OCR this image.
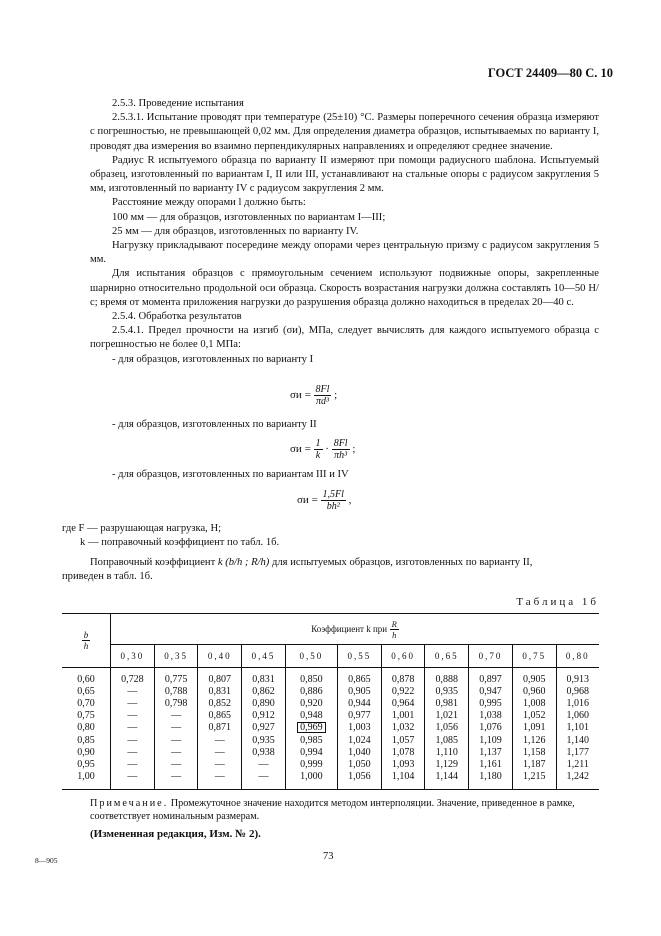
ГОСТ 24409—80 С. 10

2.5.3. Проведение испытания

2.5.3.1. Испытание проводят при температуре (25±10) °С. Размеры поперечного сечения образца измеряют с погрешностью, не превышающей 0,02 мм. Для определения диаметра образцов, испытываемых по варианту I, проводят два измерения во взаимно перпендикулярных направлениях и определяют среднее значение.

Радиус R испытуемого образца по варианту II измеряют при помощи радиусного шаблона. Испытуемый образец, изготовленный по вариантам I, II или III, устанавливают на стальные опоры с радиусом закругления 5 мм, изготовленный по варианту IV с радиусом закругления 2 мм.

Расстояние между опорами l должно быть:

100 мм — для образцов, изготовленных по вариантам I—III;

25 мм — для образцов, изготовленных по варианту IV.

Нагрузку прикладывают посередине между опорами через центральную призму с радиусом закругления 5 мм.

Для испытания образцов с прямоугольным сечением используют подвижные опоры, закрепленные шарнирно относительно продольной оси образца. Скорость возрастания нагрузки должна составлять 10—50 Н/с; время от момента приложения нагрузки до разрушения образца должно находиться в пределах 20—40 с.

2.5.4. Обработка результатов

2.5.4.1. Предел прочности на изгиб (σи), МПа, следует вычислять для каждого испытуемого образца с погрешностью не более 0,1 МПа:

- для образцов, изготовленных по варианту I

$\sigma и = \frac{8Fl}{\text{πd³}}$ ;

- для образцов, изготовленных по варианту II

$\sigma и = \frac{1}{k} \cdot \frac{8Fl}{\text{πh³}}$ ;

- для образцов, изготовленных по вариантам III и IV

$\sigma и = \frac{1,5Fl}{\text{bh²}}$ ,

где F — разрушающая нагрузка, Н;

k — поправочный коэффициент по табл. 1б.

Поправочный коэффициент k (b/h ; R/h) для испытуемых образцов, изготовленных по варианту II,

приведен в табл. 1б.

Таблица 1б
$\frac{b}{h}$	Коэффициент k при $\frac{R}{h}$

	0,30	0,35	0,40	0,45	0,50	0,55	0,60	0,65	0,70	0,75	0,80
0,60	0,728	0,775	0,807	0,831	0,850	0,865	0,878	0,888	0,897	0,905	0,913
0,65	—	0,788	0,831	0,862	0,886	0,905	0,922	0,935	0,947	0,960	0,968
0,70	—	0,798	0,852	0,890	0,920	0,944	0,964	0,981	0,995	1,008	1,016
0,75	—	—	0,865	0,912	0,948	0,977	1,001	1,021	1,038	1,052	1,060
0,80	—	—	0,871	0,927	0,969	1,003	1,032	1,056	1,076	1,091	1,101
0,85	—	—	—	0,935	0,985	1,024	1,057	1,085	1,109	1,126	1,140
0,90	—	—	—	0,938	0,994	1,040	1,078	1,110	1,137	1,158	1,177
0,95	—	—	—	—	0,999	1,050	1,093	1,129	1,161	1,187	1,211
1,00	—	—	—	—	1,000	1,056	1,104	1,144	1,180	1,215	1,242
Примечание. Промежуточное значение находится методом интерполяции. Значение, приведенное в рамке, соответствует номинальным размерам.
(Измененная редакция, Изм. № 2).
8—905	73
